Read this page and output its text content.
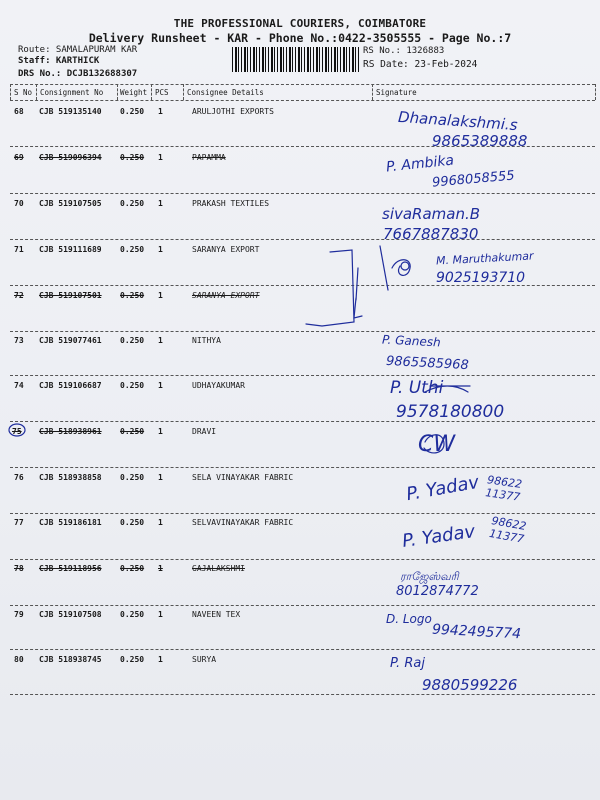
THE PROFESSIONAL COURIERS, COIMBATORE
Delivery Runsheet - KAR - Phone No.:0422-3505555 - Page No.:7
Route: SAMALAPURAM KAR
Staff: KARTHICK
DRS No.: DCJB132688307
RS No.: 1326883
RS Date: 23-Feb-2024
S No Consignment No Weight PCS Consignee Details	Signature
68 CJB 519135140 0.250 1	ARULJOTHI EXPORTS	Dhanalakshmi.s
9865389888
69 CJB 519096394 0.250 1	PAPAMMA	P. Ambika
9968058555
70 CJB 519107505 0.250 1	PRAKASH TEXTILES
sivaRaman.B
7667887830
71 CJB 519111689 0.250 1	SARANYA EXPORT	M. Maruthakumar
9025193710
72 CJB 519107501 0.250 1	SARANYA EXPORT
73 CJB 519077461 0.250 1	NITHYA	P. Ganesh
9865585968
74 CJB 519106687 0.250 1	UDHAYAKUMAR	P. Uthi
9578180800
75 CJB 518938961 0.250 1	DRAVI
CW
76 CJB 518938858 0.250 1	SELA VINAYAKAR FABRIC	P. Yadav 98622 11377
77 CJB 519186181 0.250 1	SELVAVINAYAKAR FABRIC	P. Yadav 98622 11377
78 CJB 519118956 0.250 1	GAJALAKSHMI
ராஜேஸ்வரி
8012874772
79 CJB 519107508 0.250 1	NAVEEN TEX	D. Logo
9942495774
80 CJB 518938745 0.250 1	SURYA	P. Raj
9880599226
